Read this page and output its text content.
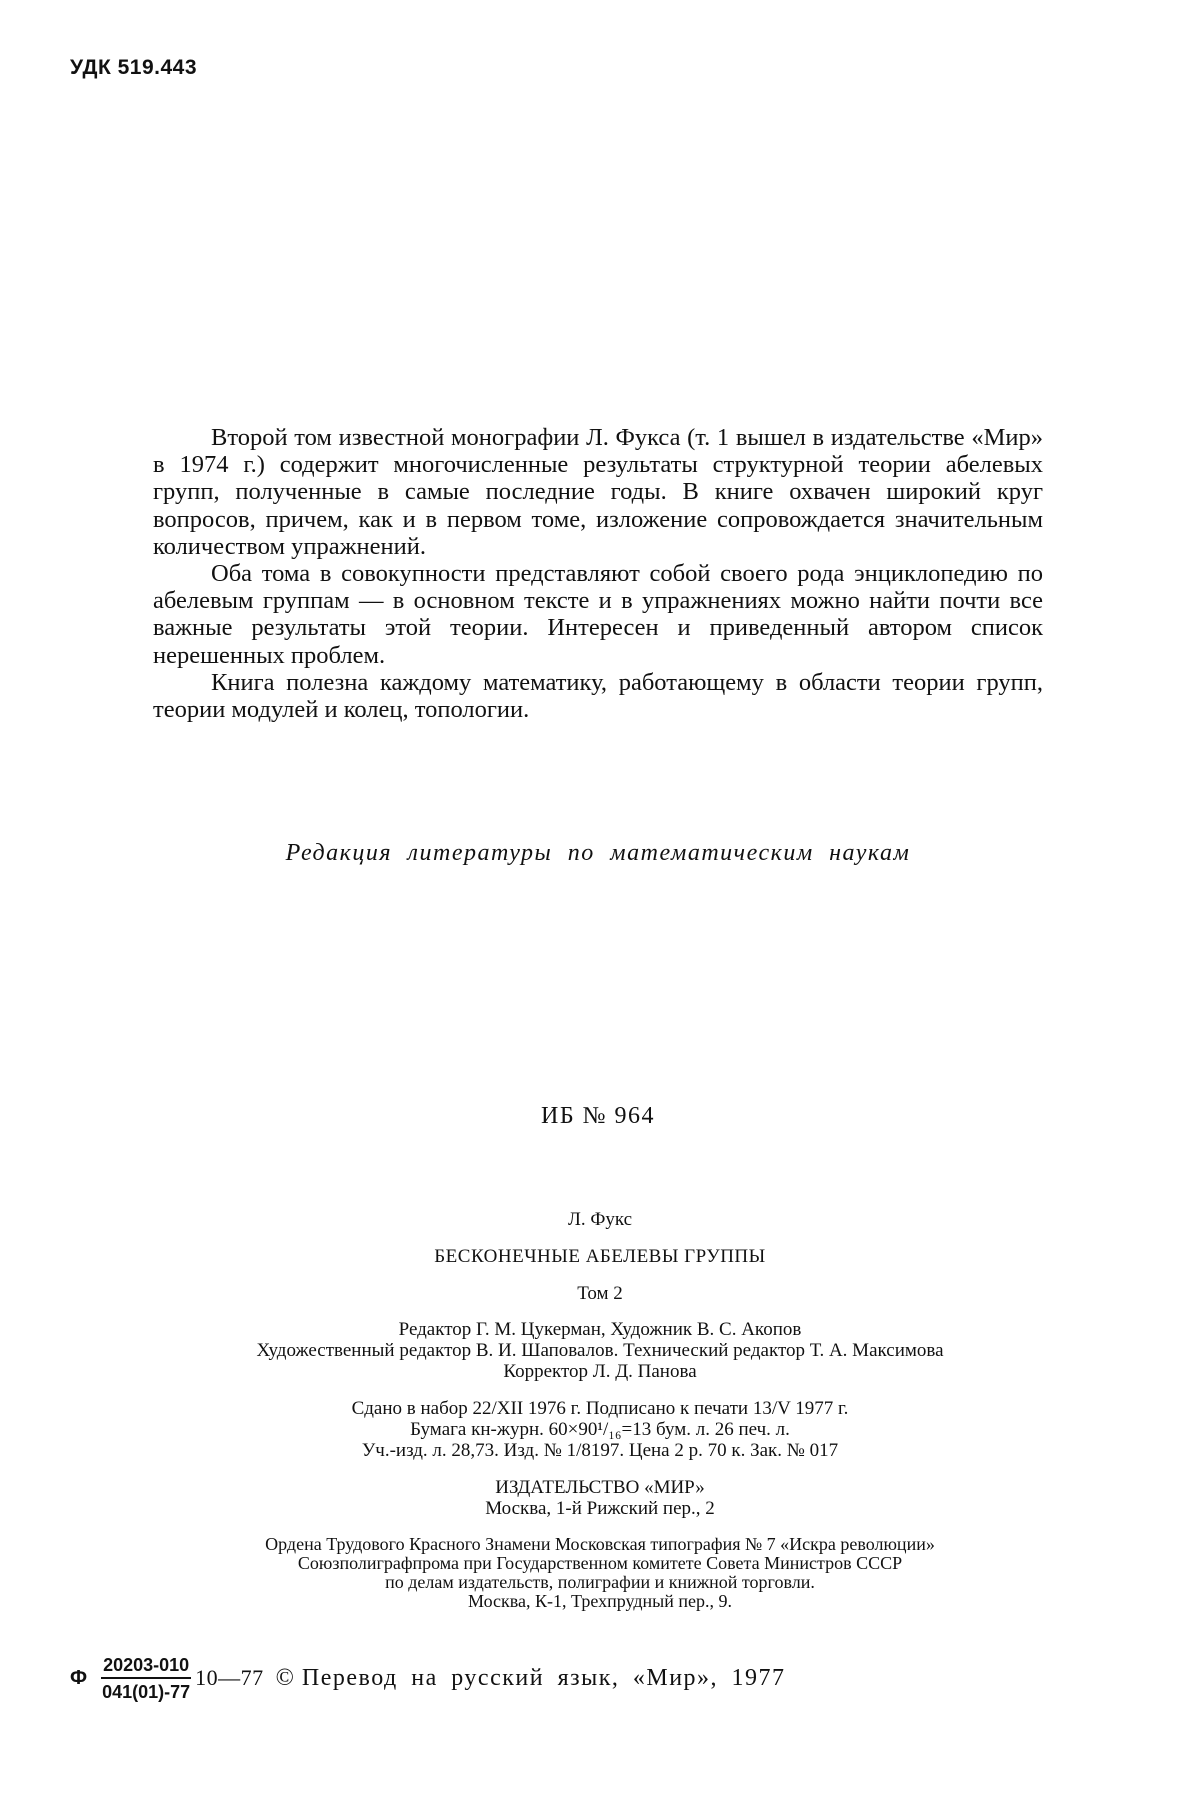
УДК 519.443

Второй том известной монографии Л. Фукса (т. 1 вышел в издательстве «Мир» в 1974 г.) содержит многочисленные результаты структурной теории абелевых групп, полученные в самые последние годы. В книге охвачен широкий круг вопросов, причем, как и в первом томе, изложение сопровождается значительным количеством упражнений.

Оба тома в совокупности представляют собой своего рода энциклопедию по абелевым группам — в основном тексте и в упражнениях можно найти почти все важные результаты этой теории. Интересен и приведенный автором список нерешенных проблем.

Книга полезна каждому математику, работающему в области теории групп, теории модулей и колец, топологии.

Редакция литературы по математическим наукам
ИБ № 964
Л. Фукс
БЕСКОНЕЧНЫЕ АБЕЛЕВЫ ГРУППЫ
Том 2
Редактор Г. М. Цукерман, Художник В. С. Акопов
Художественный редактор В. И. Шаповалов. Технический редактор Т. А. Максимова
Корректор Л. Д. Панова
Сдано в набор 22/XII 1976 г. Подписано к печати 13/V 1977 г.
Бумага кн-журн. 60×90¹/₁₆=13 бум. л. 26 печ. л.
Уч.-изд. л. 28,73. Изд. № 1/8197. Цена 2 р. 70 к. Зак. № 017
ИЗДАТЕЛЬСТВО «МИР»
Москва, 1-й Рижский пер., 2
Ордена Трудового Красного Знамени Московская типография № 7 «Искра революции»
Союзполиграфпрома при Государственном комитете Совета Министров СССР
по делам издательств, полиграфии и книжной торговли.
Москва, К-1, Трехпрудный пер., 9.
Ф $\frac{20203-010}{041(01)-77}$ 10—77 © Перевод на русский язык, «Мир», 1977
